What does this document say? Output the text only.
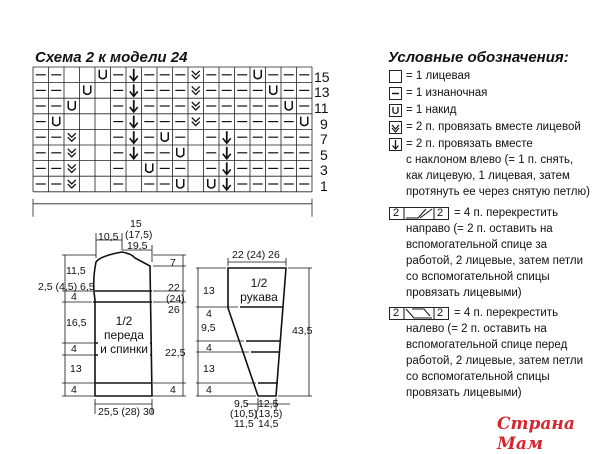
Схема 2 к модели 24
15
13
11
9
7
5
3
1
1/2
переда
и спинки
10,5
15
(17,5)
19,5
11,5
2,5 (4,5) 6,5
4
16,5
4
13
4
7
22
(24)
26
22,5
4
25,5 (28) 30
1/2
рукава
22 (24) 26
13
4
9,5
4
13
4
43,5
9,5
(10,5)
11,5
12,5
(13,5)
14,5
Условные обозначения:
= 1 лицевая
= 1 изнаночная
= 1 накид
= 2 п. провязать вместе лицевой
= 2 п. провязать вместе
с наклоном влево (= 1 п. снять,
как лицевую, 1 лицевая, затем
протянуть ее через снятую петлю)
2	2 = 4 п. перекрестить
направо (= 2 п. оставить на
вспомогательной спице за
работой, 2 лицевые, затем петли
со вспомогательной спицы
провязать лицевыми)
2	2 = 4 п. перекрестить
налево (= 2 п. оставить на
вспомогательной спице перед
работой, 2 лицевые, затем петли
со вспомогательной спицы
провязать лицевыми)
Страна Мам
